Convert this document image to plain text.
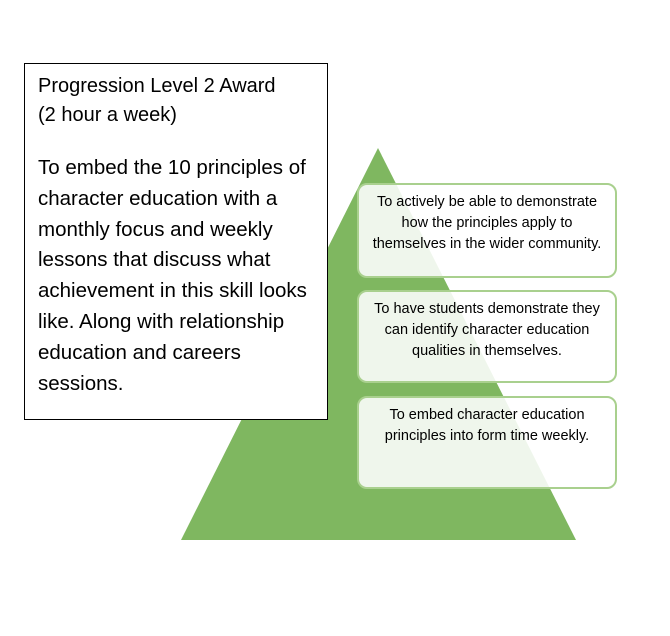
Progression Level 2 Award
(2 hour a week)

To embed the 10 principles of character education with a monthly focus and weekly lessons that discuss what achievement in this skill looks like. Along with relationship education and careers sessions.

To actively be able to demonstrate how the principles apply to themselves in the wider community.
To have students demonstrate they can identify character education qualities in themselves.
To embed character education principles into form time weekly.
